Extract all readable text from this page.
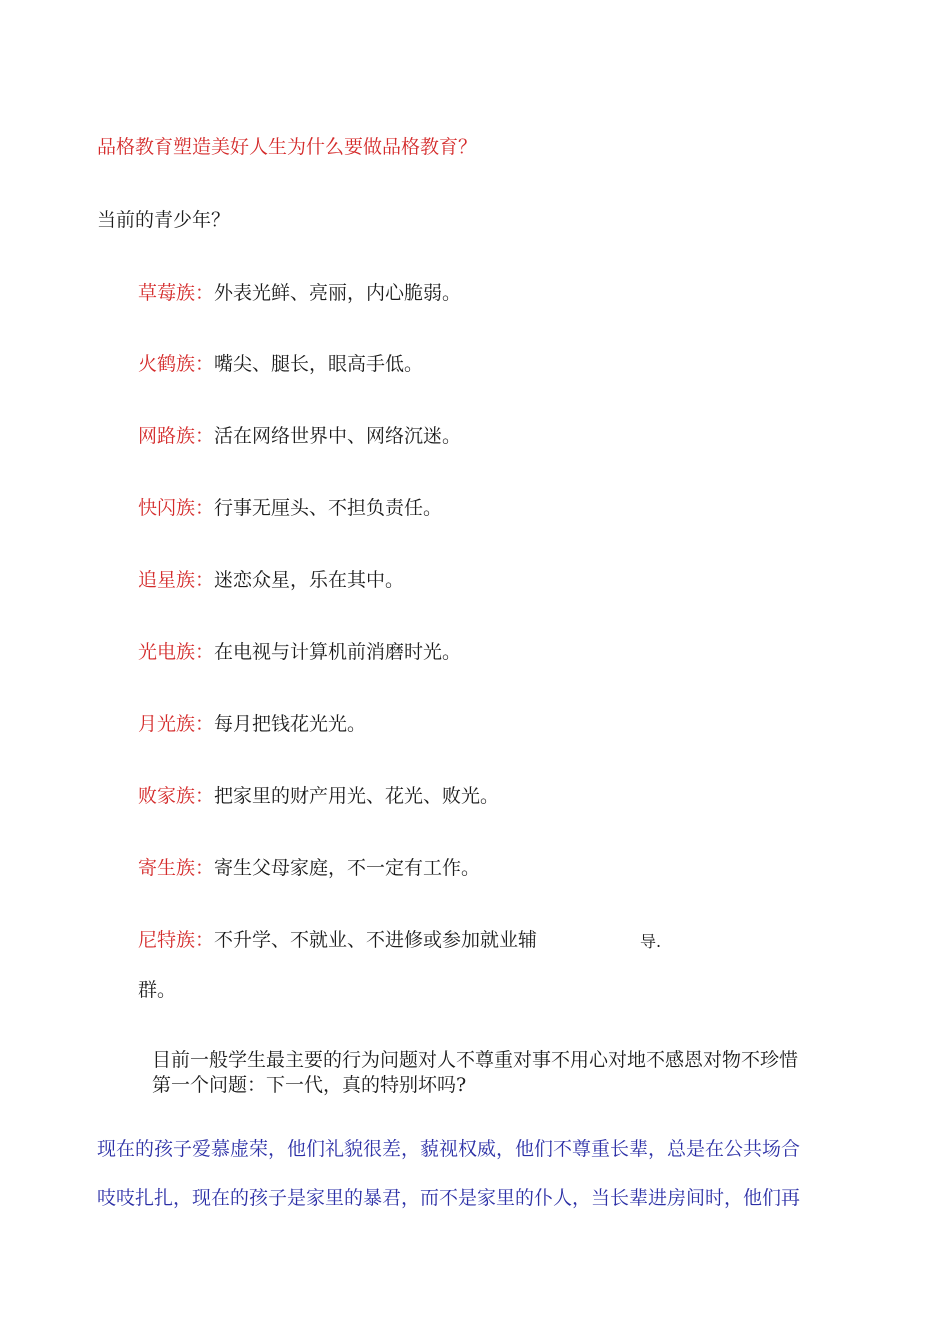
品格教育塑造美好人生为什么要做品格教育？
当前的青少年？
草莓族：外表光鲜、亮丽，内心脆弱。
火鹤族：嘴尖、腿长，眼高手低。
网路族：活在网络世界中、网络沉迷。
快闪族：行事无厘头、不担负责任。
追星族：迷恋众星，乐在其中。
光电族：在电视与计算机前消磨时光。
月光族：每月把钱花光光。
败家族：把家里的财产用光、花光、败光。
寄生族：寄生父母家庭，不一定有工作。
尼特族：不升学、不就业、不进修或参加就业辅	导.
群。
目前一般学生最主要的行为问题对人不尊重对事不用心对地不感恩对物不珍惜
第一个问题：下一代，真的特别坏吗?
现在的孩子爱慕虚荣，他们礼貌很差，藐视权威，他们不尊重长辈，总是在公共场合
吱吱扎扎，现在的孩子是家里的暴君，而不是家里的仆人，当长辈进房间时，他们再
